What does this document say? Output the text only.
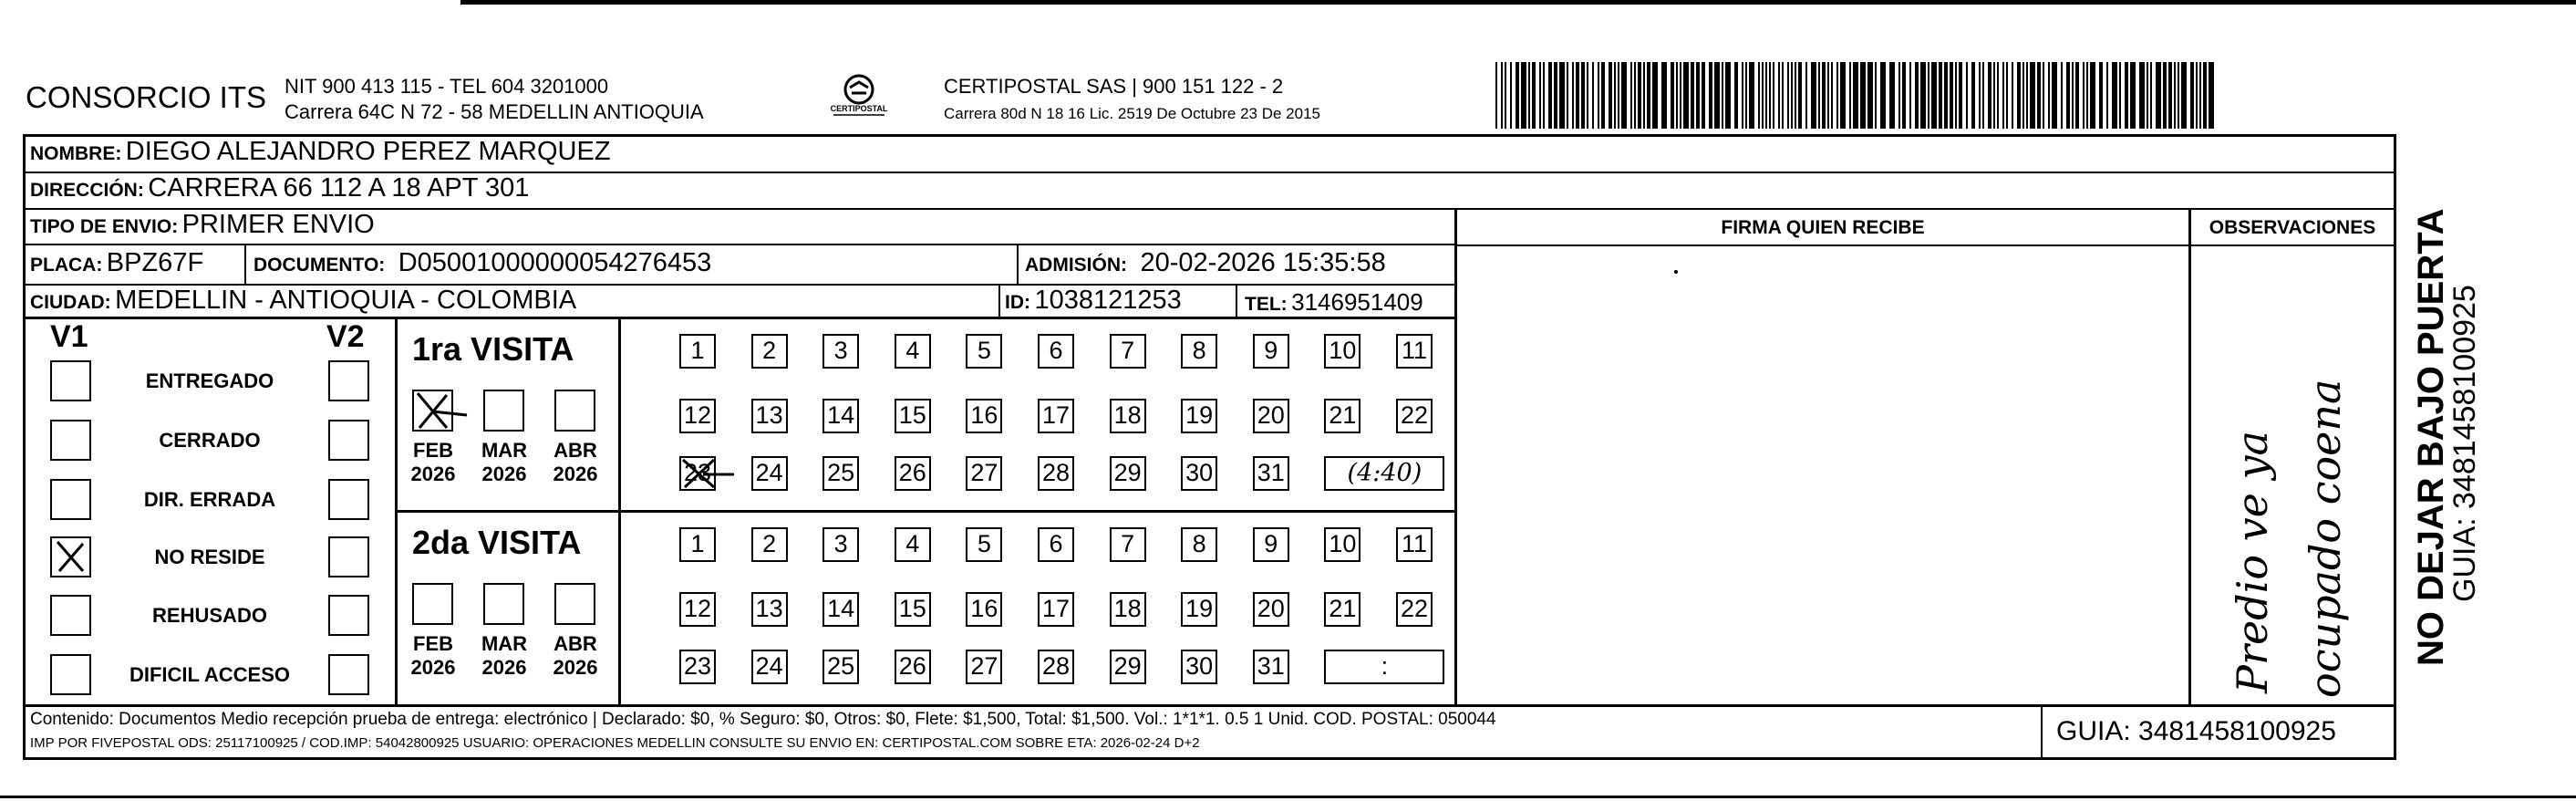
CONSORCIO ITS NIT 900 413 115 - TEL 604 3201000
Carrera 64C N 72 - 58 MEDELLIN ANTIOQUIA	CERTIPOSTAL
CERTIPOSTAL SAS | 900 151 122 - 2
Carrera 80d N 18 16 Lic. 2519 De Octubre 23 De 2015
NOMBRE: DIEGO ALEJANDRO PEREZ MARQUEZ
DIRECCIÓN: CARRERA 66 112 A 18 APT 301
TIPO DE ENVIO: PRIMER ENVIO	FIRMA QUIEN RECIBE	OBSERVACIONES
PLACA: BPZ67F	DOCUMENTO: D05001000000054276453	ADMISIÓN: 20-02-2026 15:35:58
CIUDAD: MEDELLIN - ANTIOQUIA - COLOMBIA	ID: 1038121253	TEL: 3146951409
V1	V2
ENTREGADO
CERRADO
DIR. ERRADA
NO RESIDE
REHUSADO
DIFICIL ACCESO
1ra VISITA
FEB
2026
MAR
2026
ABR
2026
1	2	3	4	5	6	7	8	9	10 11
12 13 14 15 16 17 18 19 20 21 22
23 24 25 26 27 28 29 30 31	(4:40)
2da VISITA
FEB
2026
MAR
2026
ABR
2026
1	2	3	4	5	6	7	8	9	10 11
12 13 14 15 16 17 18 19 20 21 22
23 24 25 26 27 28 29 30 31	:	Predio ve ya ocupado coena
Contenido: Documentos Medio recepción prueba de entrega: electrónico | Declarado: $0, % Seguro: $0, Otros: $0, Flete: $1,500, Total: $1,500. Vol.: 1*1*1. 0.5 1 Unid. COD. POSTAL: 050044
IMP POR FIVEPOSTAL ODS: 25117100925 / COD.IMP: 54042800925 USUARIO: OPERACIONES MEDELLIN CONSULTE SU ENVIO EN: CERTIPOSTAL.COM SOBRE ETA: 2026-02-24 D+2	GUIA: 3481458100925
NO DEJAR BAJO PUERTA
GUIA: 3481458100925
